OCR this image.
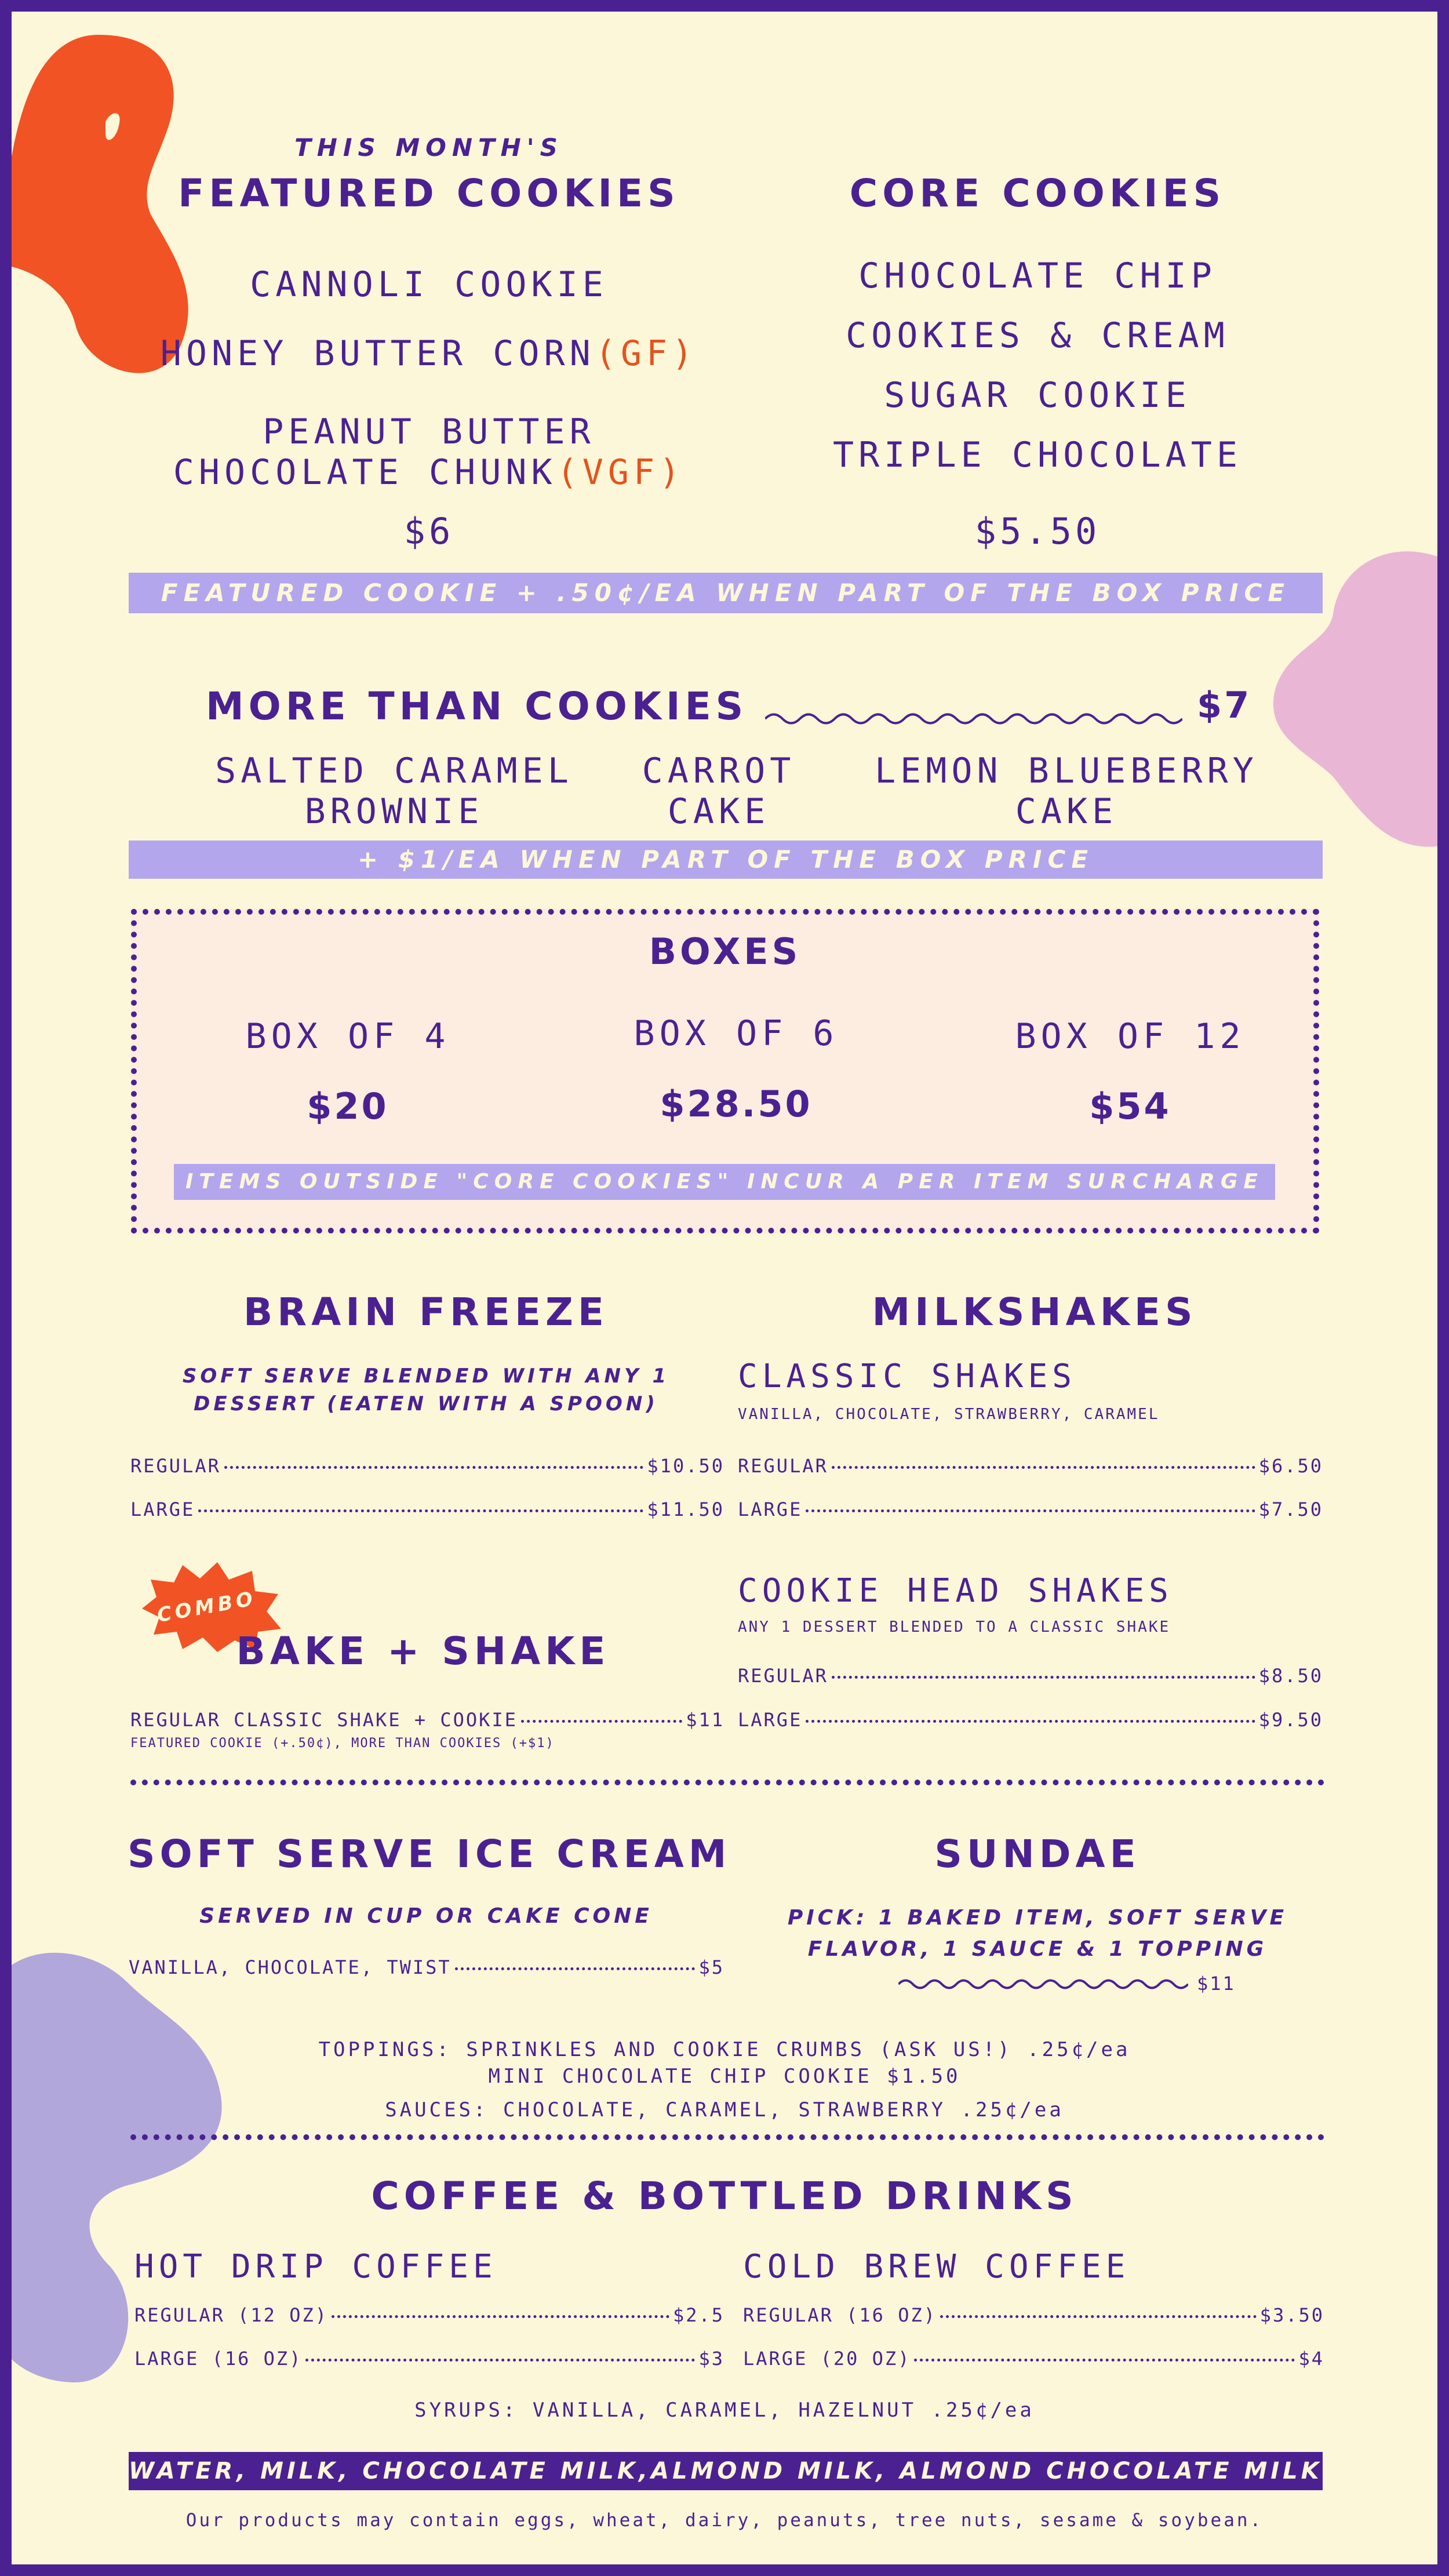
THIS MONTH'S
FEATURED COOKIES
CANNOLI COOKIE
HONEY BUTTER CORN(GF)
PEANUT BUTTER
CHOCOLATE CHUNK(VGF)
$6
CORE COOKIES
CHOCOLATE CHIP
COOKIES & CREAM
SUGAR COOKIE
TRIPLE CHOCOLATE
$5.50
FEATURED COOKIE + .50¢/EA WHEN PART OF THE BOX PRICE
MORE THAN COOKIES	$7
SALTED CARAMEL
BROWNIE
CARROT
CAKE
LEMON BLUEBERRY
CAKE
+ $1/EA WHEN PART OF THE BOX PRICE
BOXES
BOX OF 4	BOX OF 6	BOX OF 12
$20	$28.50	$54
ITEMS OUTSIDE "CORE COOKIES" INCUR A PER ITEM SURCHARGE
BRAIN FREEZE
SOFT SERVE BLENDED WITH ANY 1
DESSERT (EATEN WITH A SPOON)
REGULAR	$10.50
LARGE	$11.50
COMBO
BAKE + SHAKE
REGULAR CLASSIC SHAKE + COOKIE	$11
FEATURED COOKIE (+.50¢), MORE THAN COOKIES (+$1)
MILKSHAKES
CLASSIC SHAKES
VANILLA, CHOCOLATE, STRAWBERRY, CARAMEL
REGULAR	$6.50
LARGE	$7.50
COOKIE HEAD SHAKES
ANY 1 DESSERT BLENDED TO A CLASSIC SHAKE
REGULAR	$8.50
LARGE	$9.50
SOFT SERVE ICE CREAM
SERVED IN CUP OR CAKE CONE
VANILLA, CHOCOLATE, TWIST	$5
SUNDAE
PICK: 1 BAKED ITEM, SOFT SERVE
FLAVOR, 1 SAUCE & 1 TOPPING
$11
TOPPINGS: SPRINKLES AND COOKIE CRUMBS (ASK US!) .25¢/ea
MINI CHOCOLATE CHIP COOKIE $1.50
SAUCES: CHOCOLATE, CARAMEL, STRAWBERRY .25¢/ea
COFFEE & BOTTLED DRINKS
HOT DRIP COFFEE
REGULAR (12 OZ)	$2.5
LARGE (16 OZ)	$3
COLD BREW COFFEE
REGULAR (16 OZ)	$3.50
LARGE (20 OZ)	$4
SYRUPS: VANILLA, CARAMEL, HAZELNUT .25¢/ea
WATER, MILK, CHOCOLATE MILK,ALMOND MILK, ALMOND CHOCOLATE MILK $3.50
Our products may contain eggs, wheat, dairy, peanuts, tree nuts, sesame & soybean.
